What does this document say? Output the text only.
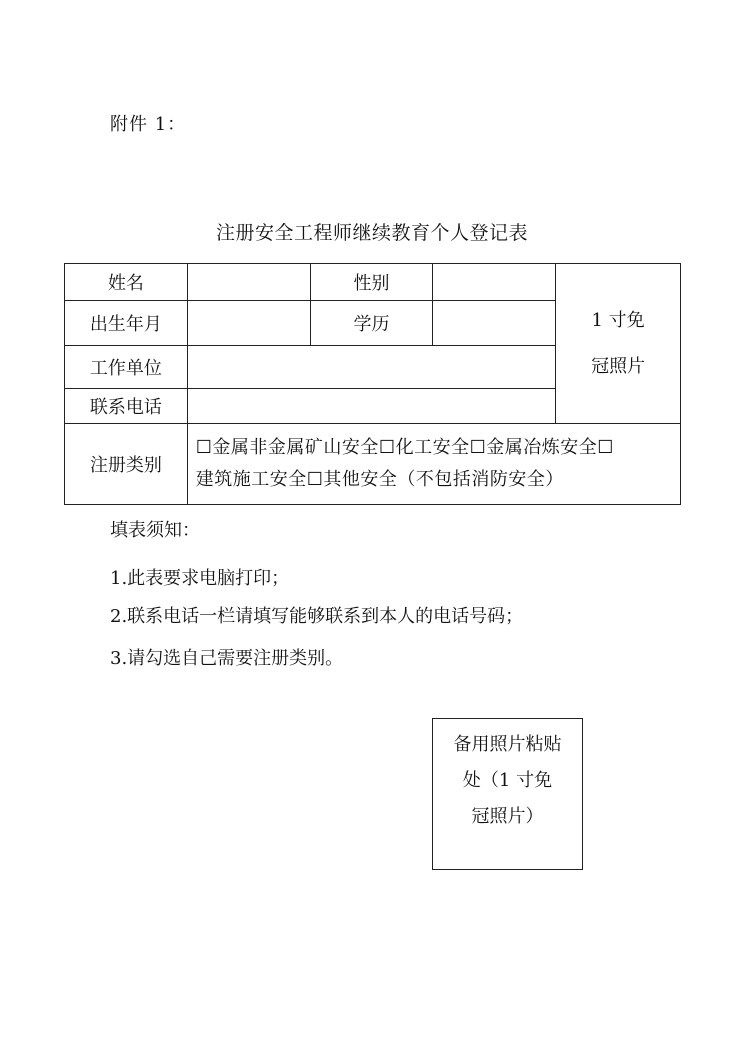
附件 1：
注册安全工程师继续教育个人登记表
姓名		性别		1 寸免
冠照片

出生年月		学历		
工作单位				
联系电话				
注册类别	☐金属非金属矿山安全☐化工安全☐金属冶炼安全☐
建筑施工安全☐其他安全（不包括消防安全）			
填表须知：
1.此表要求电脑打印；
2.联系电话一栏请填写能够联系到本人的电话号码；
3.请勾选自己需要注册类别。
备用照片粘贴
处（1 寸免
冠照片）
